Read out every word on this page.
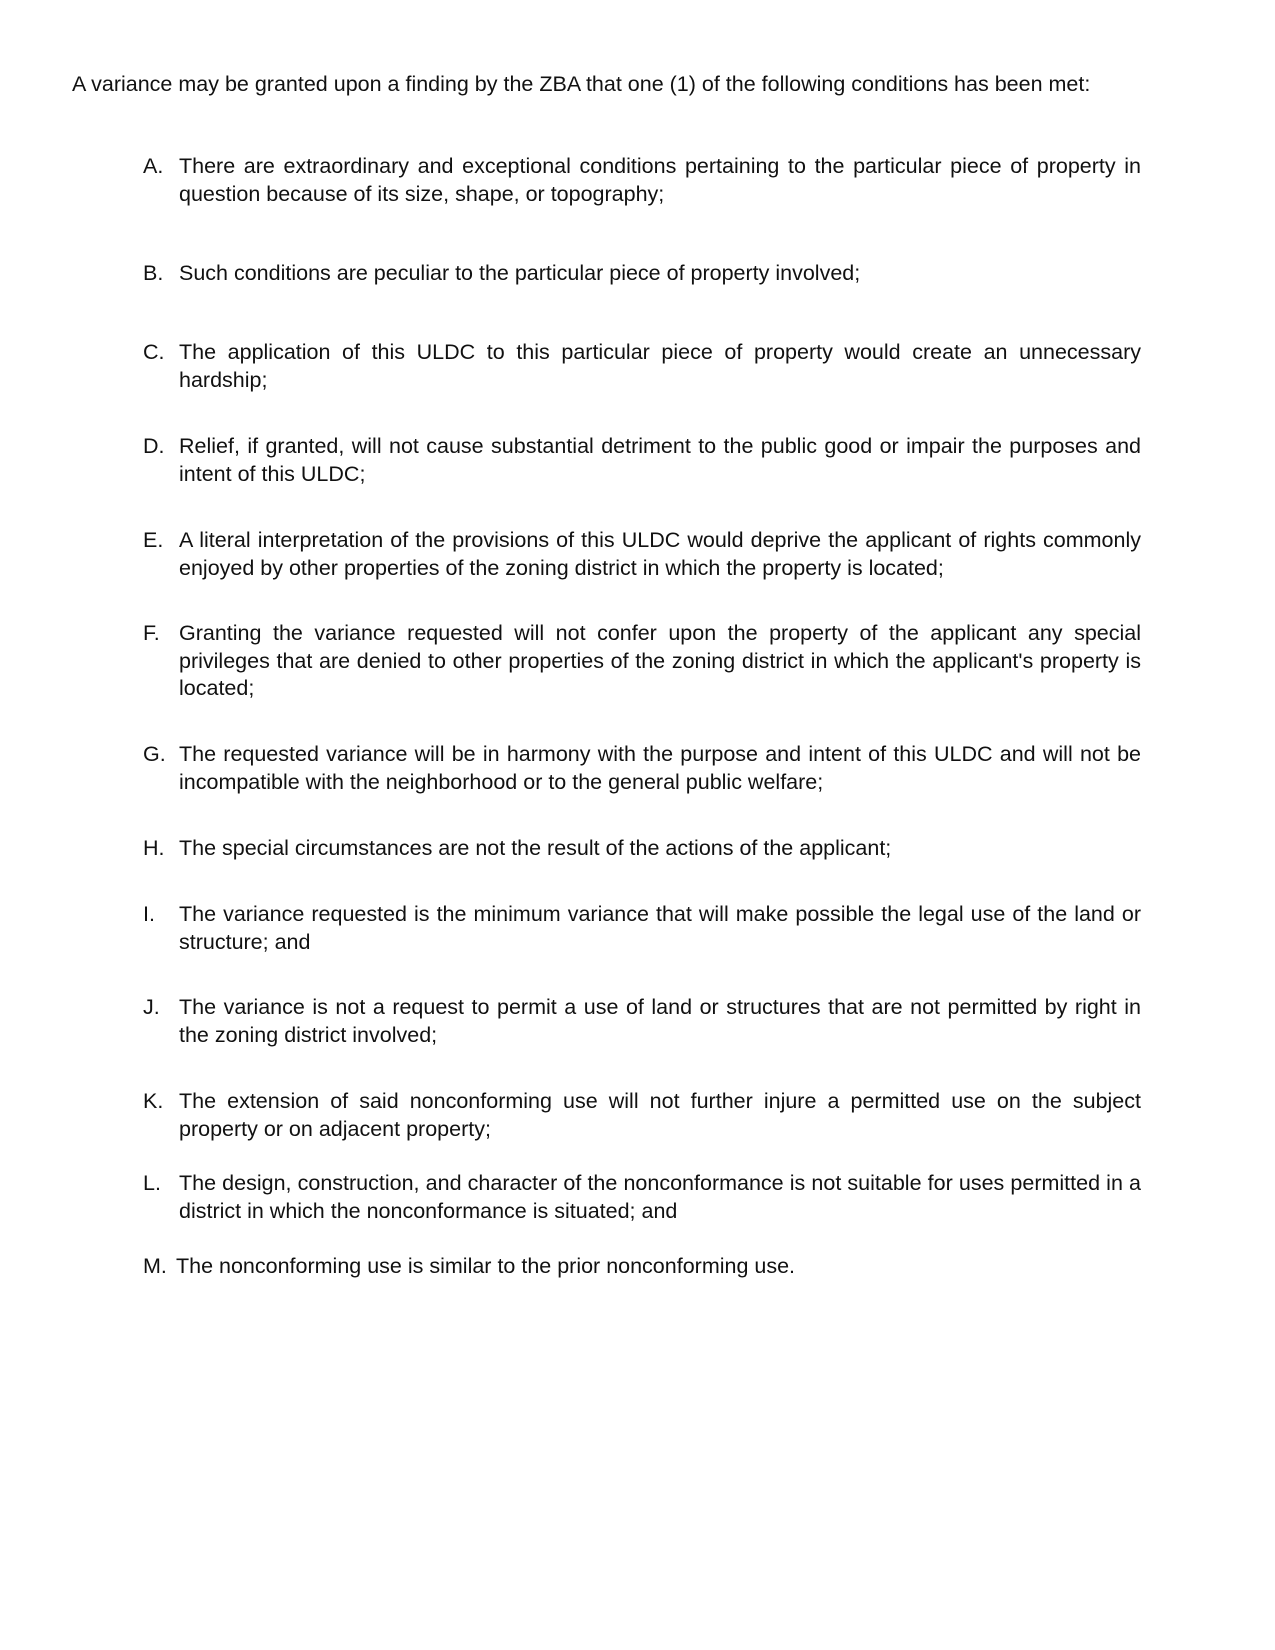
A variance may be granted upon a finding by the ZBA that one (1) of the following conditions has been met:

A. There are extraordinary and exceptional conditions pertaining to the particular piece of property in question because of its size, shape, or topography;
B. Such conditions are peculiar to the particular piece of property involved;
C. The application of this ULDC to this particular piece of property would create an unnecessary hardship;
D. Relief, if granted, will not cause substantial detriment to the public good or impair the purposes and intent of this ULDC;
E. A literal interpretation of the provisions of this ULDC would deprive the applicant of rights commonly enjoyed by other properties of the zoning district in which the property is located;
F. Granting the variance requested will not confer upon the property of the applicant any special privileges that are denied to other properties of the zoning district in which the applicant's property is located;
G. The requested variance will be in harmony with the purpose and intent of this ULDC and will not be incompatible with the neighborhood or to the general public welfare;
H. The special circumstances are not the result of the actions of the applicant;
I.	The variance requested is the minimum variance that will make possible the legal use of the land or structure; and
J. The variance is not a request to permit a use of land or structures that are not permitted by right in the zoning district involved;
K. The extension of said nonconforming use will not further injure a permitted use on the subject property or on adjacent property;
L. The design, construction, and character of the nonconformance is not suitable for uses permitted in a district in which the nonconformance is situated; and
M. The nonconforming use is similar to the prior nonconforming use.
